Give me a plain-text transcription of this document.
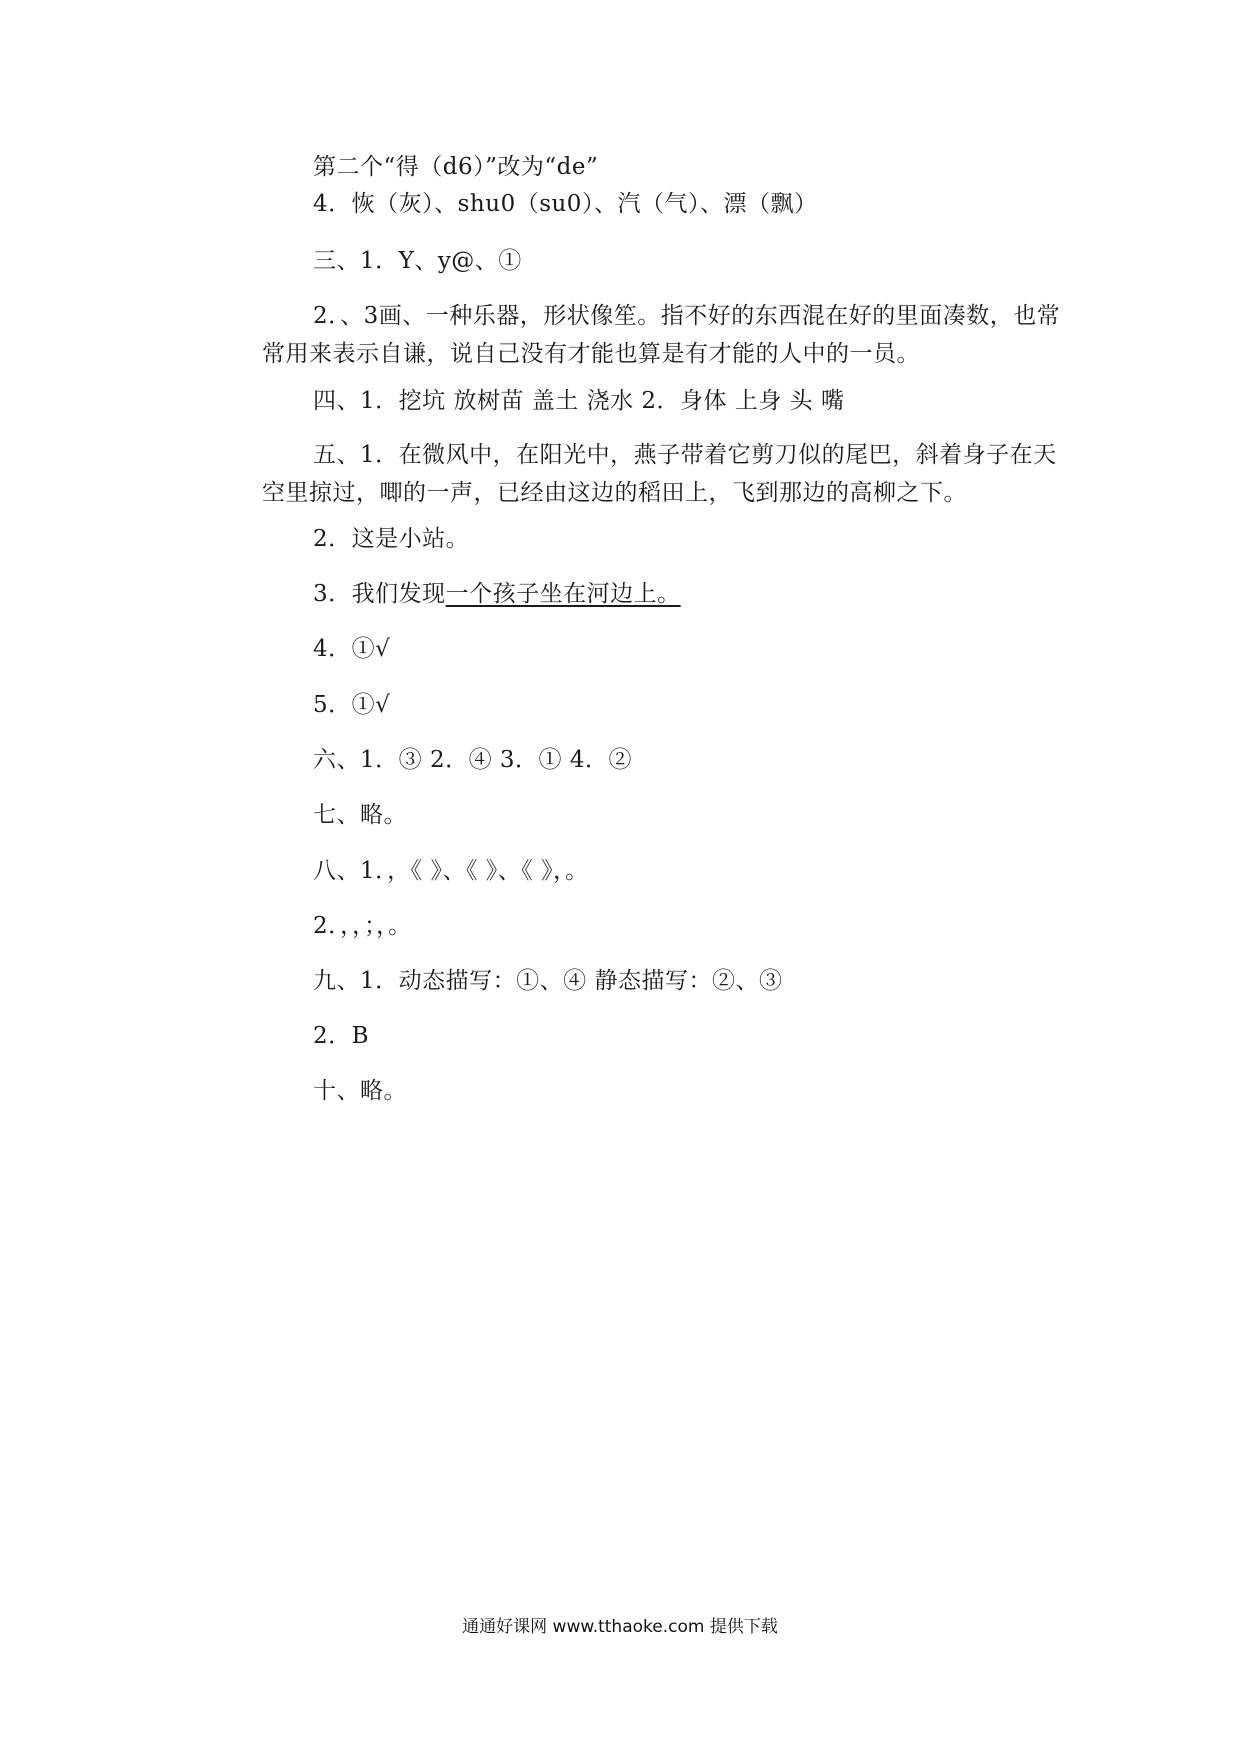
第二个“得（d6）”改为“de”
4．恢（灰）、shu0（su0）、汽（气）、漂（飘）
三、1．Y、y@、①
2．、3画、一种乐器，形状像笙。指不好的东西混在好的里面凑数，也常常用来表示自谦，说自己没有才能也算是有才能的人中的一员。
四、1．挖坑 放树苗 盖土 浇水 2．身体 上身 头 嘴
五、1．在微风中，在阳光中，燕子带着它剪刀似的尾巴，斜着身子在天空里掠过，唧的一声，已经由这边的稻田上，飞到那边的高柳之下。
2．这是小站。
3．我们发现一个孩子坐在河边上。
4．①√
5．①√
六、1．③ 2．④ 3．① 4．②
七、略。
八、1．，《 》、《 》、《 》，。
2．，，；，。
九、1．动态描写：①、④ 静态描写：②、③
2．B
十、略。
通通好课网 www.tthaoke.com 提供下载
